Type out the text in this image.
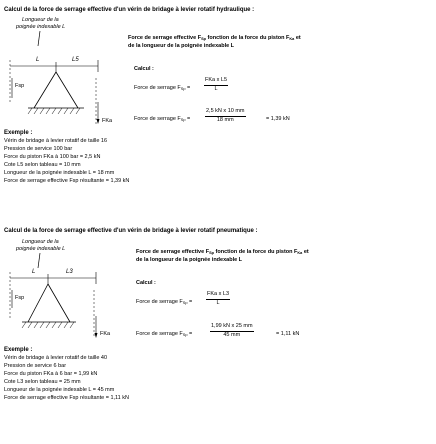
Calcul de la force de serrage effective d'un vérin de bridage à levier rotatif hydraulique :
Longueur de la
poignée indexable L
L	L5
Fsp
FKa
Force de serrage effective $F_{Sp}$ fonction de la force du piston $F_{Ka}$ et
de la longueur de la poignée indexable L
Calcul :
Force de serrage $F_{Sp}$ =
FKa x L5
L
Force de serrage $F_{Sp}$ =	$\frac{\text{2,5 kN x 10 mm}}{18 mm}$	= 1,39 kN
Exemple :
Vérin de bridage à levier rotatif de taille 16
Pression de service 100 bar
Force du piston FKa à 100 bar = 2,5 kN
Cote L5 selon tableau = 10 mm
Longueur de la poignée indexable L = 18 mm
Force de serrage effective Fsp résultante = 1,39 kN
Calcul de la force de serrage effective d'un vérin de bridage à levier rotatif pneumatique :
Longueur de la
poignée indexable L
L	L3
Fsp
FKa
Force de serrage effective $F_{Sp}$ fonction de la force du piston $F_{Ka}$ et
de la longueur de la poignée indexable L
Calcul :
Force de serrage $F_{Sp}$ =
FKa x L3
L
Force de serrage $F_{Sp}$ =	$\frac{\text{1,99 kN x 25 mm}}{45 mm}$	= 1,11 kN
Exemple :
Vérin de bridage à levier rotatif de taille 40
Pression de service 6 bar
Force du piston FKa à 6 bar = 1,99 kN
Cote L3 selon tableau = 25 mm
Longueur de la poignée indexable L = 45 mm
Force de serrage effective Fsp résultante = 1,11 kN
